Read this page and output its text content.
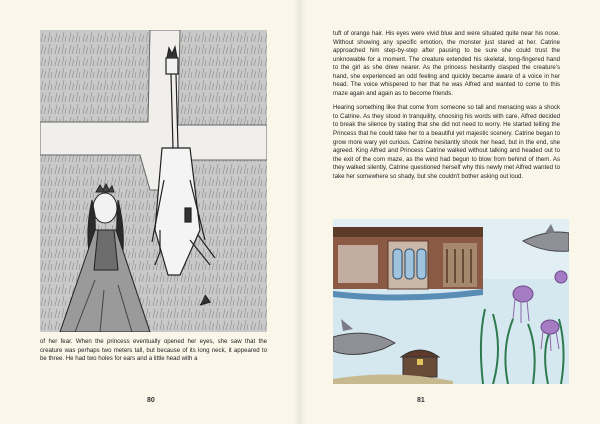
of her fear. When the princess eventually opened her eyes, she saw that the creature was perhaps two meters tall, but because of its long neck, it appeared to be three. He had two holes for ears and a little head with a

80

tuft of orange hair. His eyes were vivid blue and were situated quite near his nose. Without showing any specific emotion, the monster just stared at her. Catrine approached him step-by-step after pausing to be sure she could trust the unknowable for a moment. The creature extended his skeletal, long-fingered hand to the girl as she drew nearer. As the princess hesitantly clasped the creature's hand, she experienced an odd feeling and quickly became aware of a voice in her head. The voice whispered to her that he was Alfred and wanted to come to this maze again and again as to become friends.

Hearing something like that come from someone so tall and menacing was a shock to Catrine. As they stood in tranquility, choosing his words with care, Alfred decided to break the silence by stating that she did not need to worry. He started telling the Princess that he could take her to a beautiful yet majestic scenery. Catrine began to grow more wary yet curious. Catrine hesitantly shook her head, but in the end, she agreed. King Alfred and Princess Catrine walked without talking and headed out to the exit of the corn maze, as the wind had begun to blow from behind of them. As they walked silently, Catrine questioned herself why this newly met Alfred wanted to take her somewhere so shady, but she couldn't bother asking out loud.

81
